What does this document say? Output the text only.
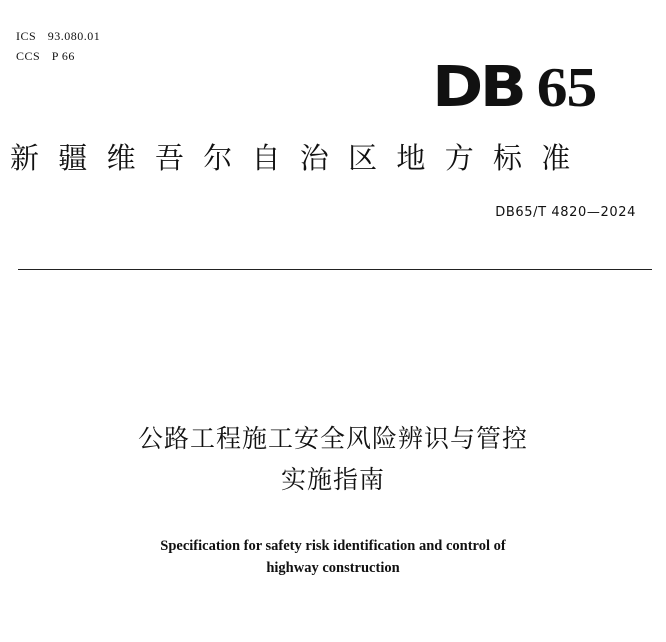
ICS 93.080.01
CCS P 66	DB 65
新疆维吾尔自治区地方标准
DB65/T 4820—2024
公路工程施工安全风险辨识与管控
实施指南
Specification for safety risk identification and control of
highway construction
